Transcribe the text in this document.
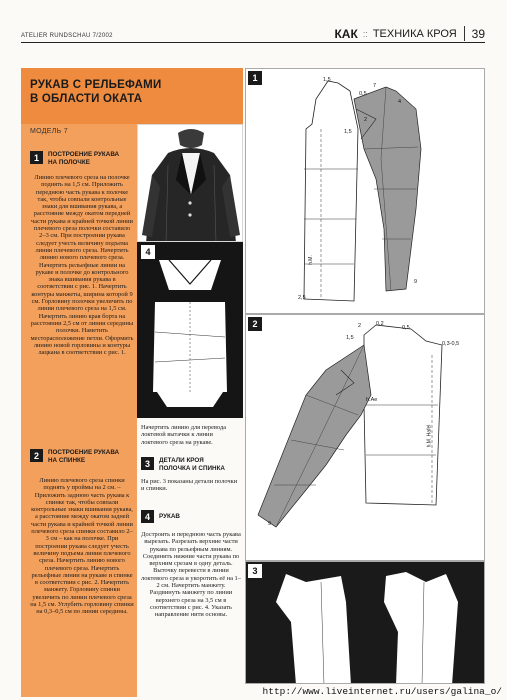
ATELIER RUNDSCHAU 7/2002	КАК :: ТЕХНИКА КРОЯ 39
РУКАВ С РЕЛЬЕФАМИ
В ОБЛАСТИ ОКАТА
МОДЕЛЬ 7
1	ПОСТРОЕНИЕ РУКАВА
НА ПОЛОЧКЕ
Линию плечевого среза на полочке поднять на 1,5 см. Приложить переднюю часть рукава к полочке так, чтобы совпали контрольные знаки для вшивания рукава, а расстояние между окатом передней части рукава и крайней точкой линии плечевого среза полочки составило 2–3 см. При построении рукава следует учесть величину подъема линии плечевого среза. Начертить линию нового плечевого среза. Начертить рельефные линии на рукаве и полочке до контрольного знака вшивания рукава в соответствии с рис. 1. Начертить контуры манжеты, ширина которой 9 см. Горловину полочки увеличить по линии плечевого среза на 1,5 см. Начертить линию края борта на расстоянии 2,5 см от линии середины полочки. Наметить месторасположение петли. Оформить линию новой горловины и контуры лацкана в соответствии с рис. 1.
2	ПОСТРОЕНИЕ РУКАВА
НА СПИНКЕ
Линию плечевого среза спинки поднять у проймы на 2 см. – Приложить заднюю часть рукава к спинке так, чтобы совпали контрольные знаки вшивания рукава, а расстояние между окатом задней части рукава и крайней точкой линии плечевого среза спинки составило 2–3 см – как на полочке. При построении рукава следует учесть величину подъема линии плечевого среза. Начертить линию нового плечевого среза. Начертить рельефные линии на рукаве и спинке в соответствии с рис. 2. Начертить манжету. Горловину спинки увеличить по линии плечевого среза на 1,5 см. Углубить горловину спинки на 0,3–0,5 см по линии середины.
4
Начертить линию для перевода локтевой вытачки к линии локтевого среза на рукаве.
3	ДЕТАЛИ КРОЯ
ПОЛОЧКА И СПИНКА
На рис. 3 показаны детали полочки и спинки.
4	РУКАВ
Достроить и переднюю часть рукава вырезать. Разрезать верхние части рукава по рельефным линиям. Соединить нижние части рукава по верхним срезам в одну деталь. Выточку перевести в линии локтевого среза и укоротить её на 1–2 см. Начертить манжету. Раздвинуть манжету по линии верхнего среза на 3,5 см в соответствии с рис. 4. Указать направление нити основы.
1	1,5
7
4
2
0,5
1,5
9
2,5
h.M.
2	0,2
0,5
2
1,5
0,3-0,5
h.Ae
h.M. Hafel
9
3
http://www.liveinternet.ru/users/galina_o/
